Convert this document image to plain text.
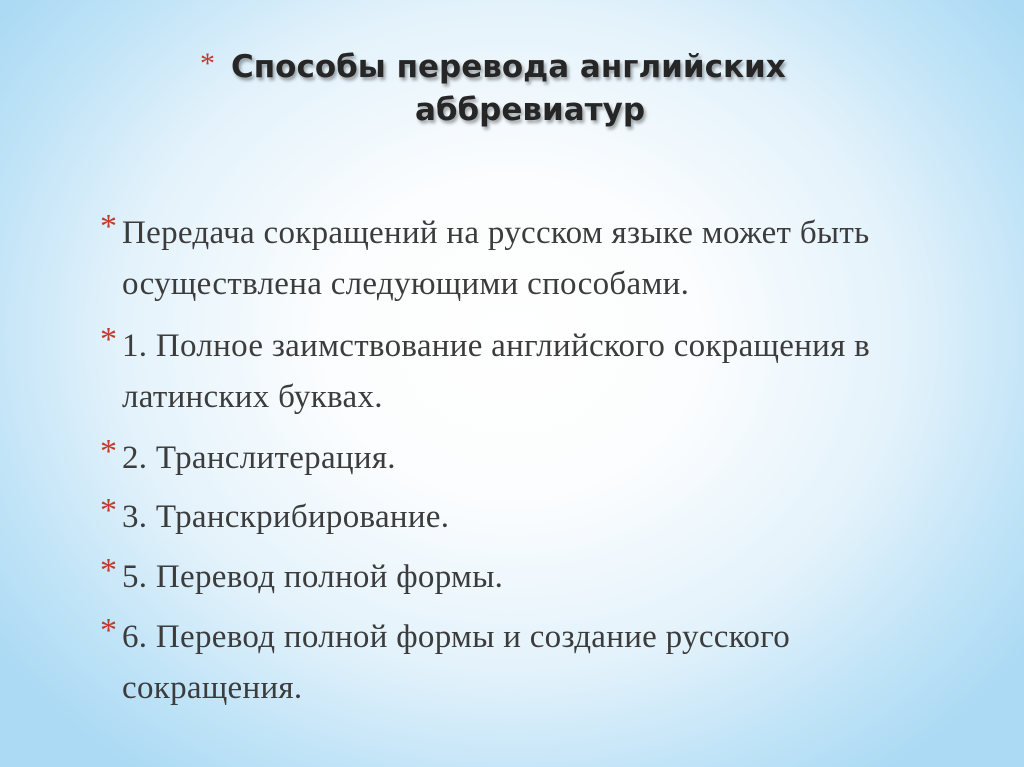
* Способы перевода английских
аббревиатур
* Передача сокращений на русском языке может быть осуществлена следующими способами.
* 1. Полное заимствование английского сокращения в латинских буквах.
* 2. Транслитерация.
* 3. Транскрибирование.
* 5. Перевод полной формы.
* 6. Перевод полной формы и создание русского сокращения.
